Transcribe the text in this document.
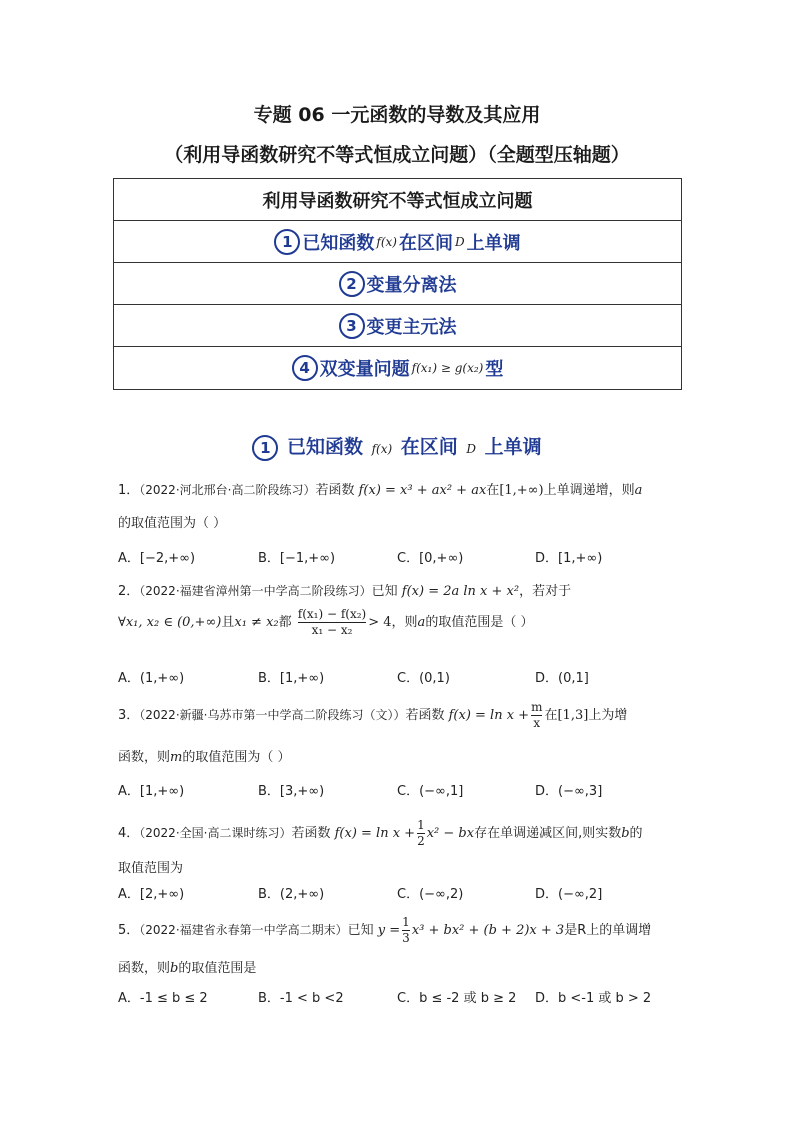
专题 06 一元函数的导数及其应用
（利用导函数研究不等式恒成立问题）（全题型压轴题）
利用导函数研究不等式恒成立问题
1 已知函数 f(x) 在区间 D 上单调
2 变量分离法
3 变更主元法
4 双变量问题 f(x₁) ≥ g(x₂) 型
1 已知函数 f(x) 在区间 D 上单调
1．（2022·河北邢台·高二阶段练习）若函数 f(x) = x³ + ax² + ax在[1,+∞)上单调递增，则a
的取值范围为（ ）
A．[−2,+∞)	B．[−1,+∞)	C．[0,+∞)	D．[1,+∞)
2．（2022·福建省漳州第一中学高二阶段练习）已知 f(x) = 2a ln x + x²，若对于
∀x₁, x₂ ∈ (0,+∞)且x₁ ≠ x₂都 $\frac{\text{f(x₁) − f(x₂)}}{\text{x₁ − x₂}} > 4$，则a的取值范围是（ ）
A．(1,+∞)	B．[1,+∞)	C．(0,1)	D．(0,1]
3．（2022·新疆·乌苏市第一中学高二阶段练习（文））若函数 $f(x) = \ln x + \frac{m}{x}$ 在[1,3]上为增
函数，则m的取值范围为（ ）
A．[1,+∞)	B．[3,+∞)	C．(−∞,1]	D．(−∞,3]
4．（2022·全国·高二课时练习）若函数 $f(x) = \ln x + \frac{1}{2} x^2$ − bx存在单调递减区间,则实数b的
取值范围为
A．[2,+∞)	B．(2,+∞)	C．(−∞,2)	D．(−∞,2]
5．（2022·福建省永春第一中学高二期末）已知 $y = \frac{1}{3} x^3 + bx^2 + (b + 2)x + 3$是R上的单调增
函数，则b的取值范围是
A．-1 ≤ b ≤ 2	B．-1 < b <2	C．b ≤ -2 或 b ≥ 2 D．b <-1 或 b > 2
